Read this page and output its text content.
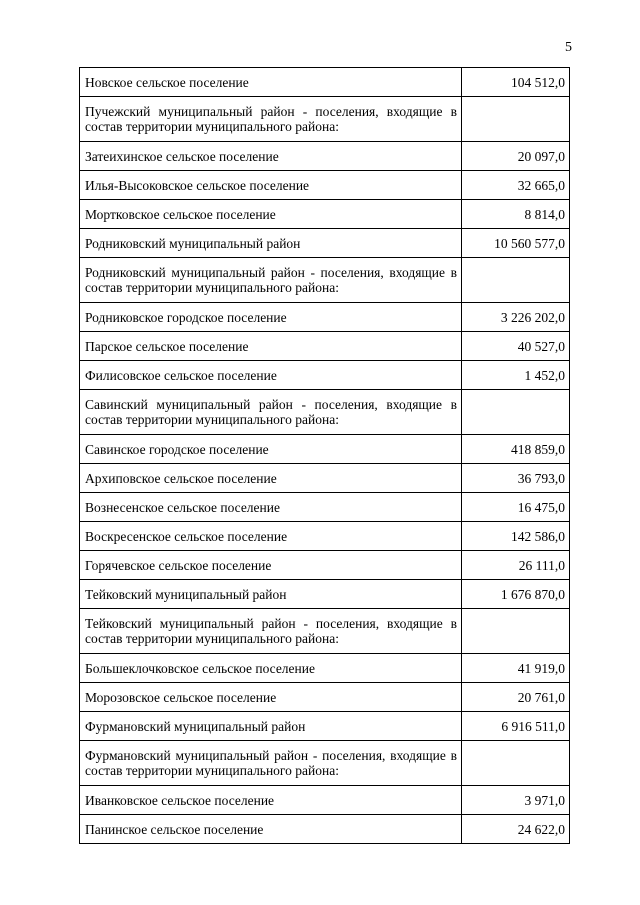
5
Новское сельское поселение	104 512,0
Пучежский муниципальный район - поселения, входящие в состав территории муниципального района:	
Затеихинское сельское поселение	20 097,0
Илья-Высоковское сельское поселение	32 665,0
Мортковское сельское поселение	8 814,0
Родниковский муниципальный район	10 560 577,0
Родниковский муниципальный район - поселения, входящие в состав территории муниципального района:	
Родниковское городское поселение	3 226 202,0
Парское сельское поселение	40 527,0
Филисовское сельское поселение	1 452,0
Савинский муниципальный район - поселения, входящие в состав территории муниципального района:	
Савинское городское поселение	418 859,0
Архиповское сельское поселение	36 793,0
Вознесенское сельское поселение	16 475,0
Воскресенское сельское поселение	142 586,0
Горячевское сельское поселение	26 111,0
Тейковский муниципальный район	1 676 870,0
Тейковский муниципальный район - поселения, входящие в состав территории муниципального района:	
Большеклочковское сельское поселение	41 919,0
Морозовское сельское поселение	20 761,0
Фурмановский муниципальный район	6 916 511,0
Фурмановский муниципальный район - поселения, входящие в состав территории муниципального района:	
Иванковское сельское поселение	3 971,0
Панинское сельское поселение	24 622,0
